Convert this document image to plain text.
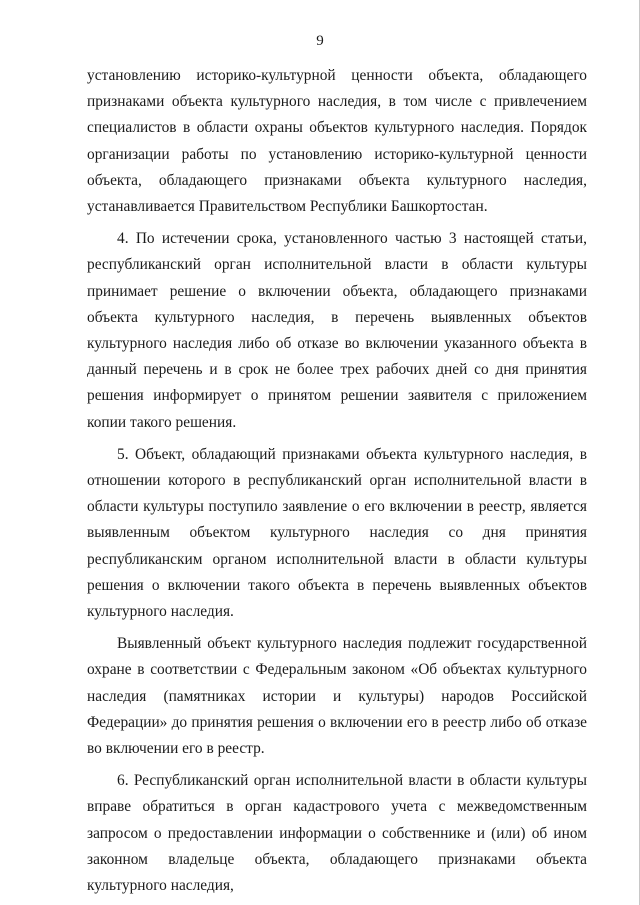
9

установлению историко-культурной ценности объекта, обладающего признаками объекта культурного наследия, в том числе с привлечением специалистов в области охраны объектов культурного наследия. Порядок организации работы по установлению историко-культурной ценности объекта, обладающего признаками объекта культурного наследия, устанавливается Правительством Республики Башкортостан.

4. По истечении срока, установленного частью 3 настоящей статьи, республиканский орган исполнительной власти в области культуры принимает решение о включении объекта, обладающего признаками объекта культурного наследия, в перечень выявленных объектов культурного наследия либо об отказе во включении указанного объекта в данный перечень и в срок не более трех рабочих дней со дня принятия решения информирует о принятом решении заявителя с приложением копии такого решения.

5. Объект, обладающий признаками объекта культурного наследия, в отношении которого в республиканский орган исполнительной власти в области культуры поступило заявление о его включении в реестр, является выявленным объектом культурного наследия со дня принятия республиканским органом исполнительной власти в области культуры решения о включении такого объекта в перечень выявленных объектов культурного наследия.

Выявленный объект культурного наследия подлежит государственной охране в соответствии с Федеральным законом «Об объектах культурного наследия (памятниках истории и культуры) народов Российской Федерации» до принятия решения о включении его в реестр либо об отказе во включении его в реестр.

6. Республиканский орган исполнительной власти в области культуры вправе обратиться в орган кадастрового учета с межведомственным запросом о предоставлении информации о собственнике и (или) об ином законном владельце объекта, обладающего признаками объекта культурного наследия,
